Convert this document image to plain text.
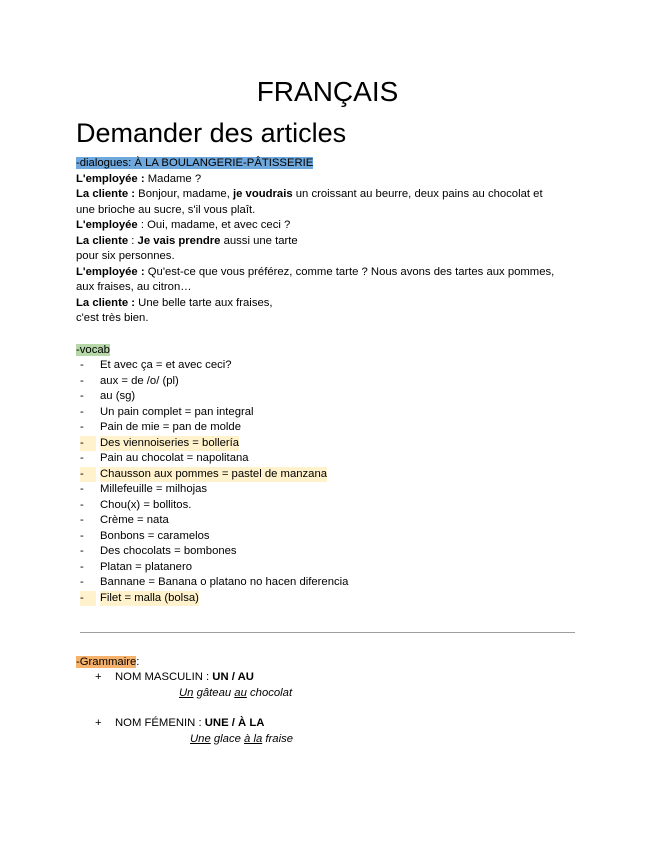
FRANÇAIS
Demander des articles
-dialogues: À LA BOULANGERIE-PÂTISSERIE
L'employée : Madame ?
La cliente : Bonjour, madame, je voudrais un croissant au beurre, deux pains au chocolat et
une brioche au sucre, s'il vous plaît.
L'employée : Oui, madame, et avec ceci ?
La cliente : Je vais prendre aussi une tarte
pour six personnes.
L'employée : Qu'est-ce que vous préférez, comme tarte ? Nous avons des tartes aux pommes,
aux fraises, au citron…
La cliente : Une belle tarte aux fraises,
c'est très bien.
-vocab
- Et avec ça = et avec ceci?
- aux = de /o/ (pl)
- au (sg)
- Un pain complet = pan integral
- Pain de mie = pan de molde
-	Des viennoiseries = bollería
- Pain au chocolat = napolitana
-	Chausson aux pommes = pastel de manzana
- Millefeuille = milhojas
- Chou(x) = bollitos.
- Crème = nata
- Bonbons = caramelos
- Des chocolats = bombones
- Platan = platanero
- Bannane = Banana o platano no hacen diferencia
-	Filet = malla (bolsa)
-Grammaire:
+ NOM MASCULIN : UN / AU
Un gâteau au chocolat
+ NOM FÉMENIN : UNE / À LA
Une glace à la fraise
